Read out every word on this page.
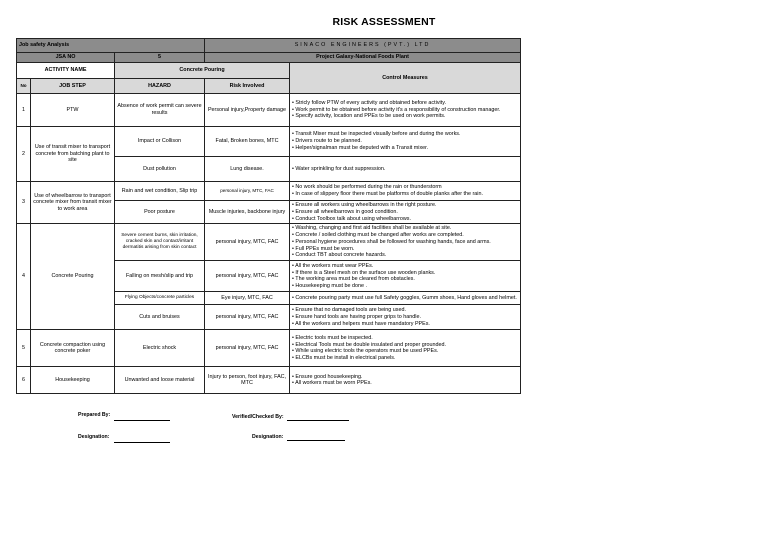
RISK ASSESSMENT
Job safety Analysis			SINACO ENGINEERS (PVT.) LTD	
JSA NO		5	Project Galaxy-National Foods Plant	
ACTIVITY NAME		Concrete Pouring		Control Measures
No	JOB STEP	HAZARD	Risk Involved	
1	PTW	Absence of work permit can severe results	Personal injury,Property damage	• Stricly follow PTW of every activity and obtained before activity.
• Work permit to be obtained before activity it's a responsibility of construction manager.
• Specify activity, location and PPEs to be used on work permits.

2	Use of transit mixer to transport concrete from batching plant to site	Impact or Collison	Fatal, Broken bones, MTC	• Transit Mixer must be inspected visually before and during the works.
• Drivers route to be planned.
• Helper/signalman must be deputed with a Transit mixer.

		Dust pollution	Lung disease.	• Water sprinkling for dust suppression.

3	Use of wheelbarrow to transport concrete mixer from transit mixer to work area	Rain and wet condition, Slip trip	personal injury, MTC, FAC	• No work should be performed during the rain or thunderstorm
• In case of slippery floor there must be platforms of double planks after the rain.

		Poor posture	Muscle injuries, backbone injury	• Ensure all workers using wheelbarrows in the right posture.
• Ensure all wheelbarrows in good condition.
• Conduct Toolbox talk about using wheelbarrows.

4	Concrete Pouring	Severe cement burns, skin irritation, cracked skin and contact/irritant dermatitis arising from skin contact	personal injury, MTC, FAC	• Washing, changing and first aid facilities shall be available at site.
• Concrete / soiled clothing must be changed after works are completed.
• Personal hygiene procedures shall be followed for washing hands, face and arms.
• Full PPEs must be worn.
• Conduct TBT about concrete hazards.

		Falling on mesh/slip and trip	personal injury, MTC, FAC	• All the workers must wear PPEs.
• If there is a Steel mesh on the surface use wooden planks.
• The working area must be cleared from obstacles.
• Housekeeping must be done .

		Flying Objects/concrete particles	Eye injury, MTC, FAC	• Concrete pouring party must use full Safety goggles, Gumm shoes, Hand gloves and helmet.

		Cuts and bruises	personal injury, MTC, FAC	• Ensure that no damaged tools are being used.
• Ensure hand tools are having proper grips to handle.
• All the workers and helpers must have mandatory PPEs.

5	Concrete compaction using concrete poker	Electric shock	personal injury, MTC, FAC	• Electric tools must be inspected.
• Electrical Tools must be double insulated and proper grounded.
• While using electric tools the operators must be used PPEs.
• ELCBs must be install in electrical panels.

6	Housekeeping	Unwanted and loose material	Injury to person, foot injury, FAC, MTC	• Ensure good housekeeping.
• All workers must be worn PPEs.
Prepared By:	Verified/Checked By:
Designation:	Designation:
